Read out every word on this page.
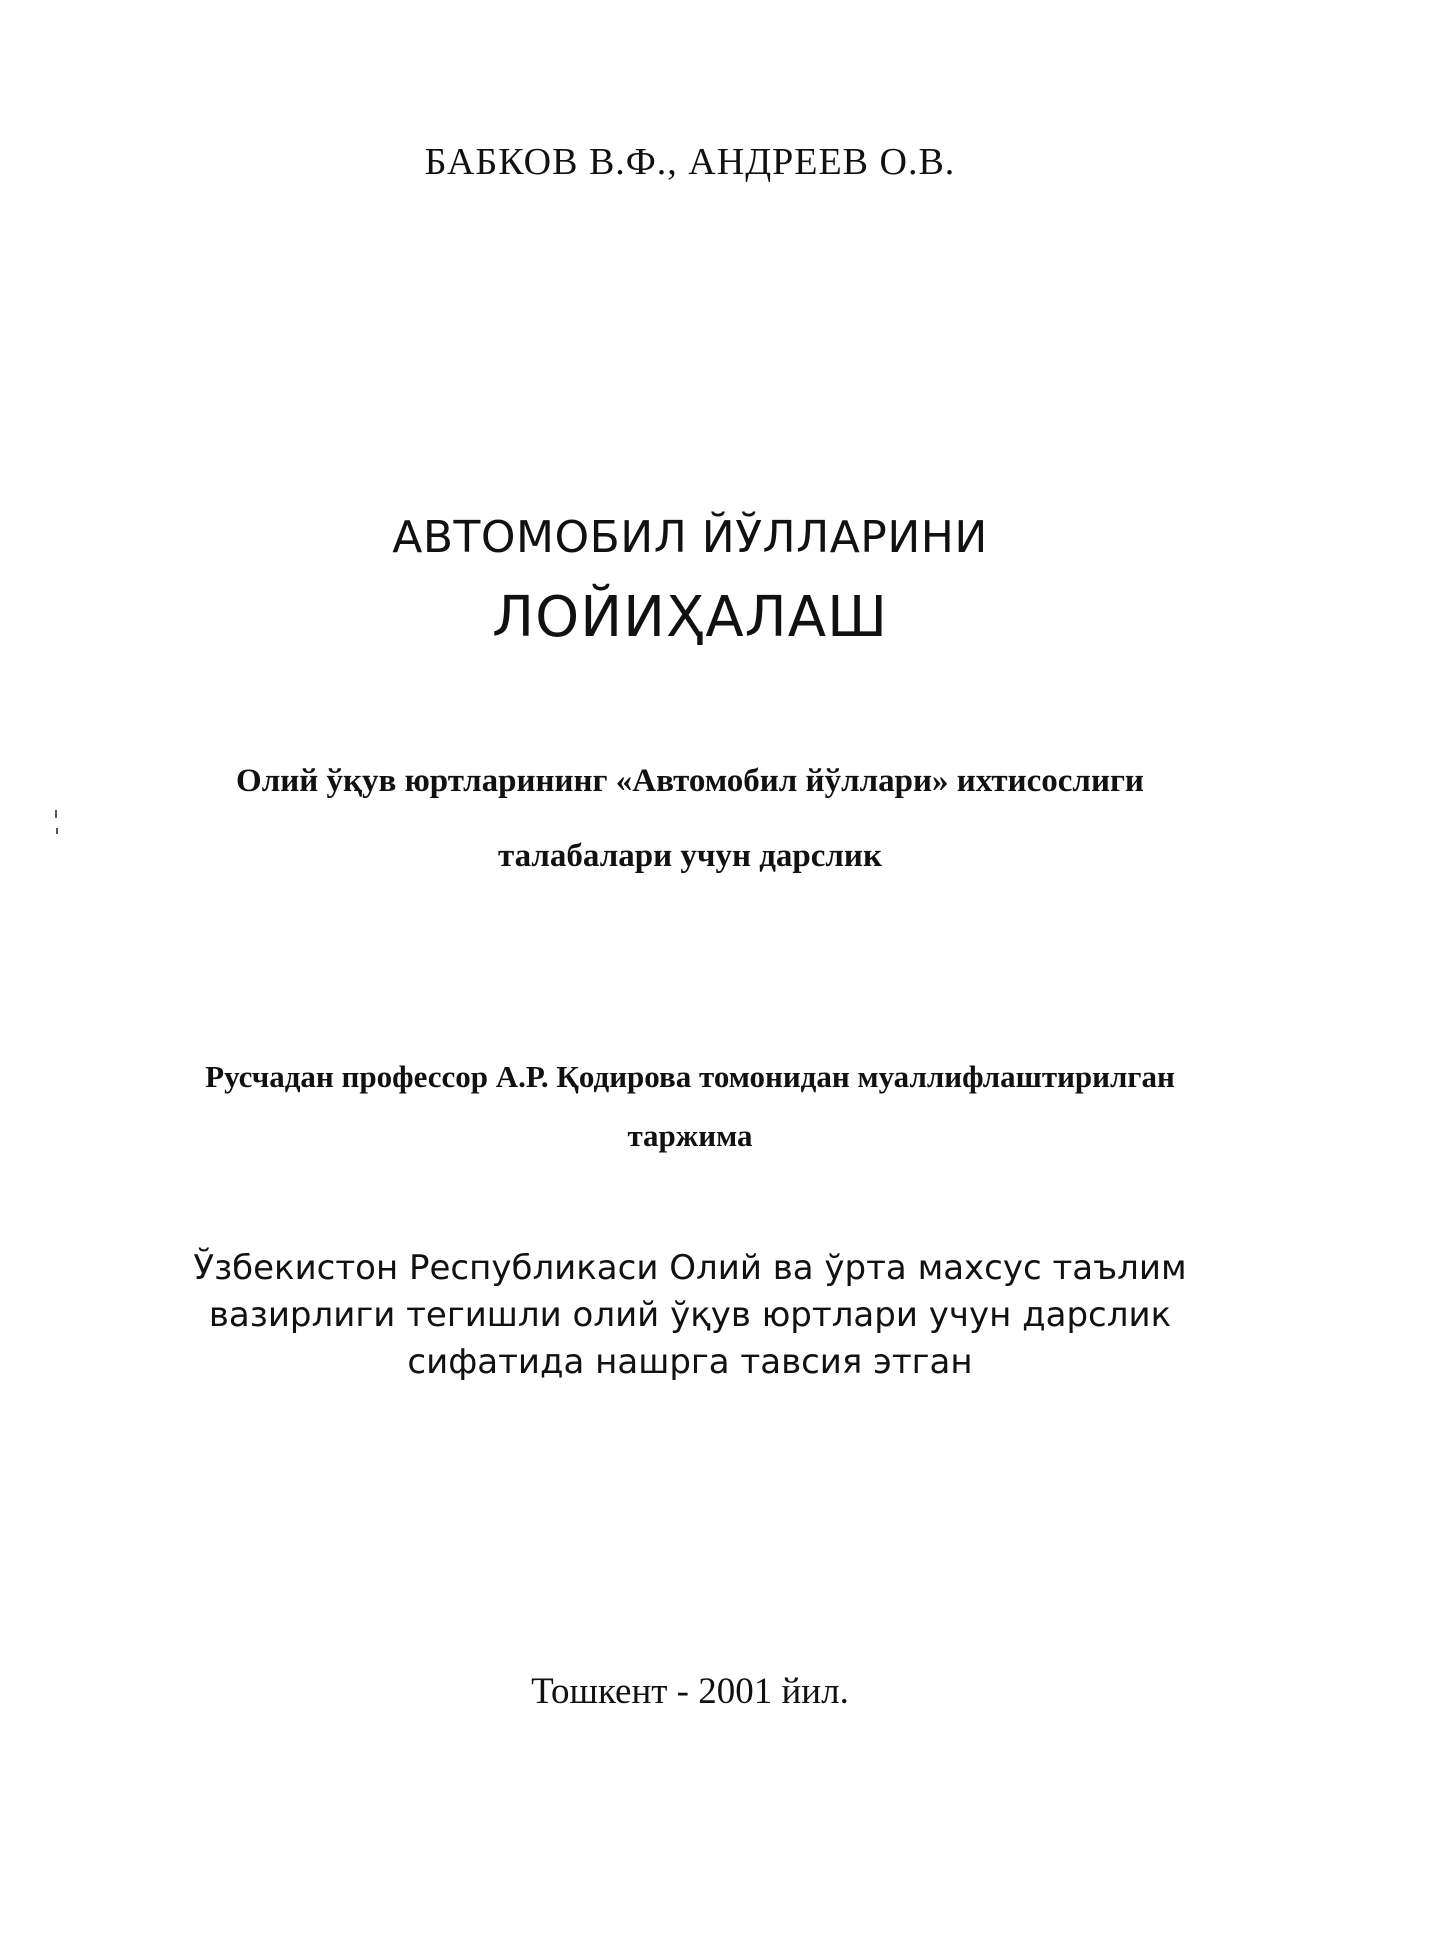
БАБКОВ В.Ф., АНДРЕЕВ О.В.
АВТОМОБИЛ ЙЎЛЛАРИНИ
ЛОЙИҲАЛАШ
Олий ўқув юртларининг «Автомобил йўллари» ихтисослиги
талабалари учун дарслик
Русчадан профессор А.Р. Қодирова томонидан муаллифлаштирилган
таржима
Ўзбекистон Республикаси Олий ва ўрта махсус таълим
вазирлиги тегишли олий ўқув юртлари учун дарслик
сифатида нашрга тавсия этган
Тошкент - 2001 йил.
